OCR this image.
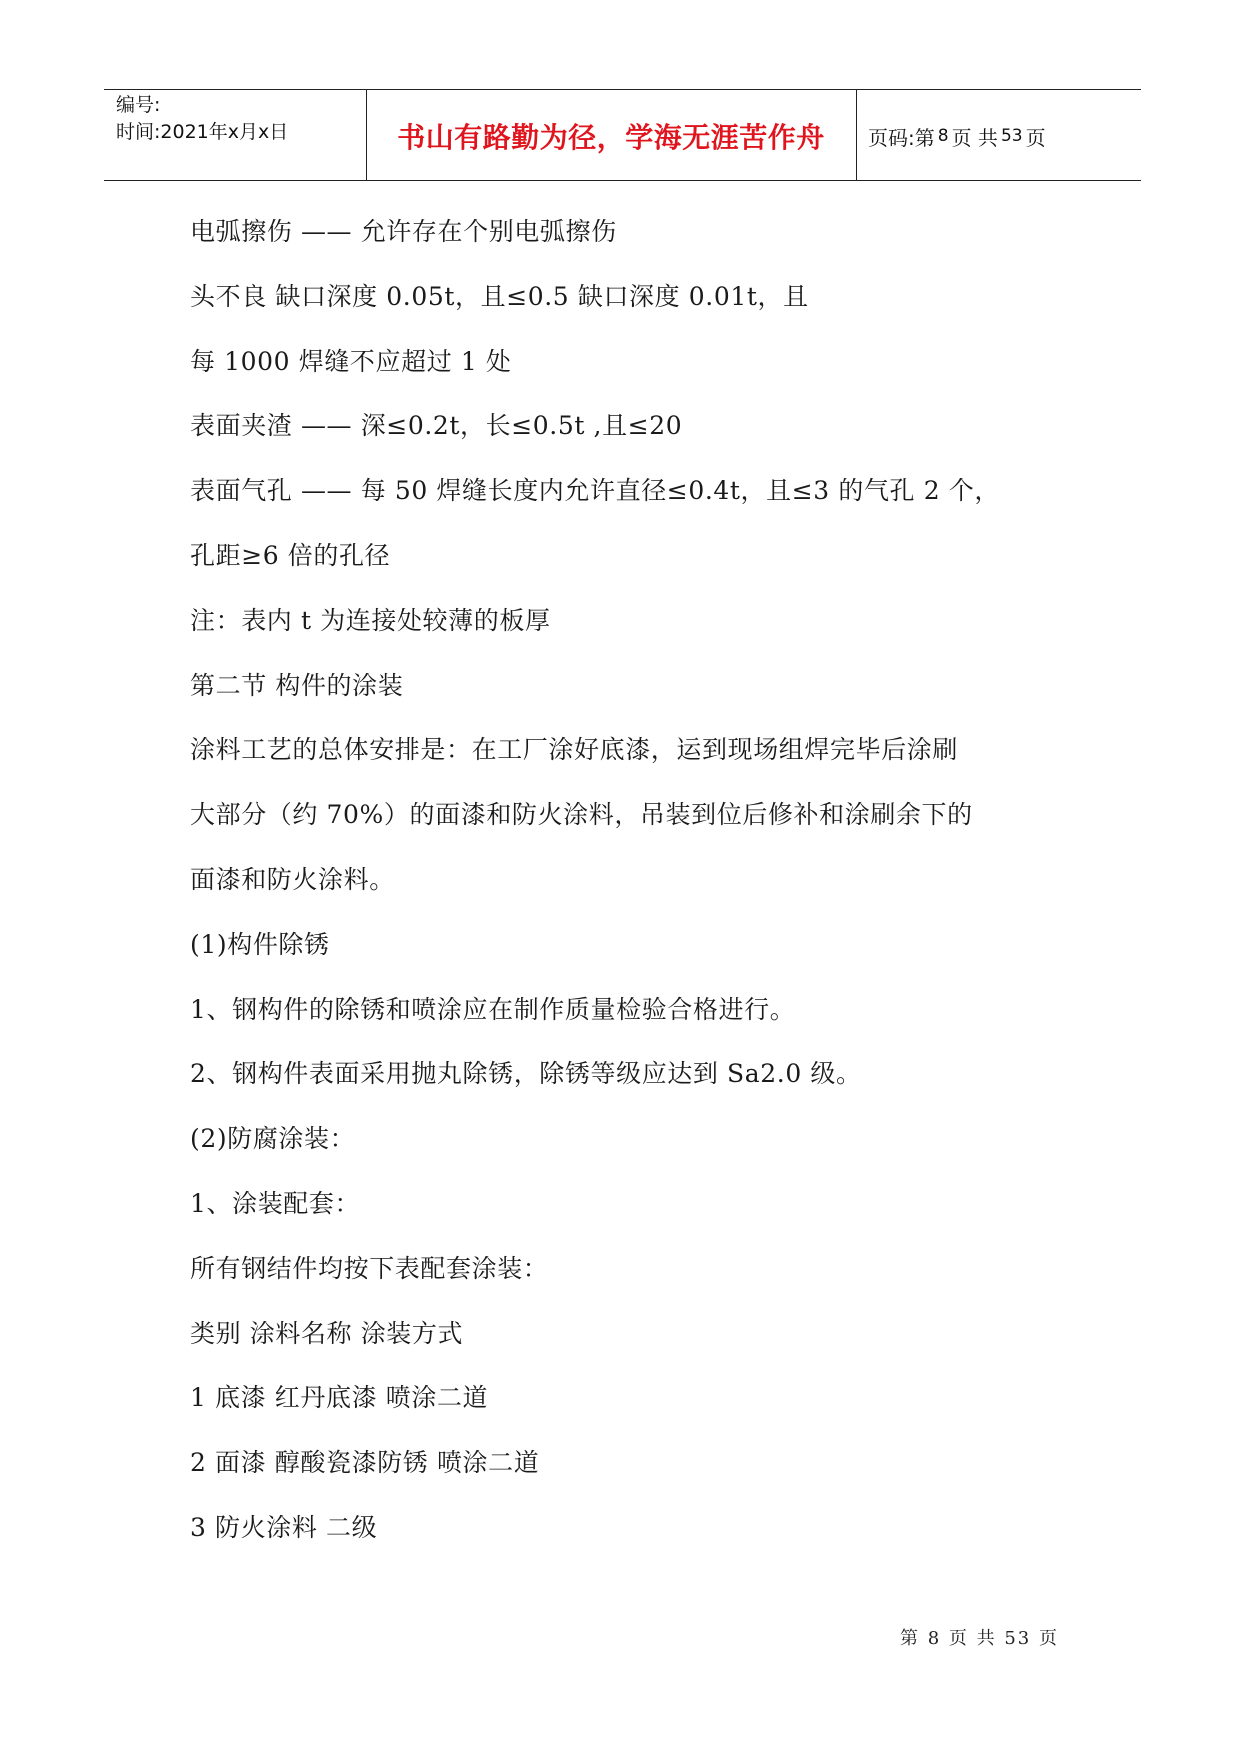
编号:
时间:2021年x月x日	书山有路勤为径，学海无涯苦作舟	页码:第 8 页 共 53 页
电弧擦伤 —— 允许存在个别电弧擦伤
头不良 缺口深度 0.05t，且≤0.5 缺口深度 0.01t，且
每 1000 焊缝不应超过 1 处
表面夹渣 —— 深≤0.2t，长≤0.5t ,且≤20
表面气孔 —— 每 50 焊缝长度内允许直径≤0.4t，且≤3 的气孔 2 个，
孔距≥6 倍的孔径
注：表内 t 为连接处较薄的板厚
第二节 构件的涂装
涂料工艺的总体安排是：在工厂涂好底漆，运到现场组焊完毕后涂刷
大部分（约 70%）的面漆和防火涂料，吊装到位后修补和涂刷余下的
面漆和防火涂料。
(1)构件除锈
1、钢构件的除锈和喷涂应在制作质量检验合格进行。
2、钢构件表面采用抛丸除锈，除锈等级应达到 Sa2.0 级。
(2)防腐涂装：
1、涂装配套：
所有钢结件均按下表配套涂装：
类别 涂料名称 涂装方式
1 底漆 红丹底漆 喷涂二道
2 面漆 醇酸瓷漆防锈 喷涂二道
3 防火涂料 二级
第 8 页 共 53 页
